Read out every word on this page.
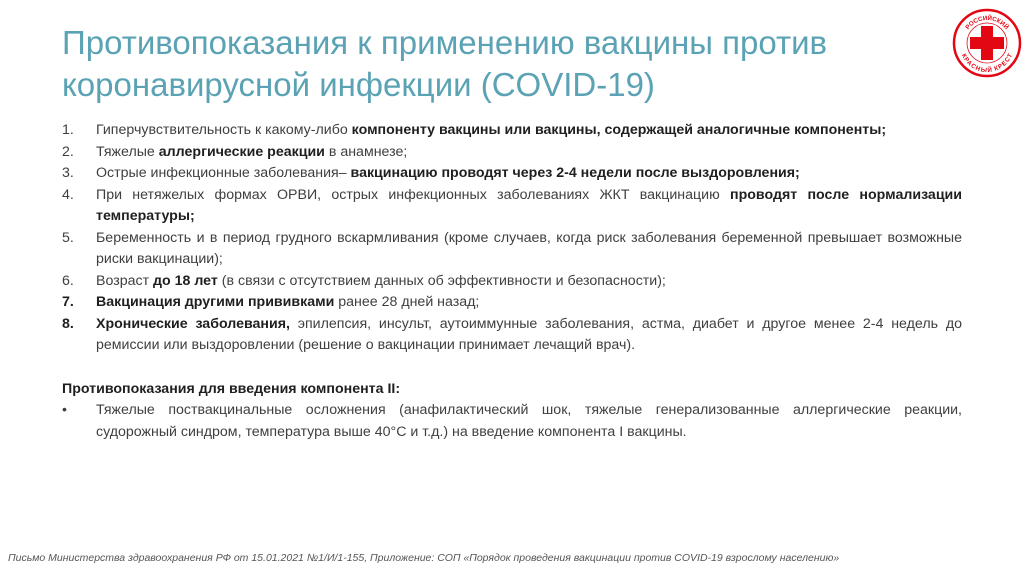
Противопоказания к применению вакцины против
коронавирусной инфекции (COVID-19)
РОССИЙСКИЙ
КРАСНЫЙ КРЕСТ
1. Гиперчувствительность к какому-либо компоненту вакцины или вакцины, содержащей аналогичные компоненты;
2. Тяжелые аллергические реакции в анамнезе;
3. Острые инфекционные заболевания– вакцинацию проводят через 2-4 недели после выздоровления;
4. При нетяжелых формах ОРВИ, острых инфекционных заболеваниях ЖКТ вакцинацию проводят после нормализации температуры;
5. Беременность и в период грудного вскармливания (кроме случаев, когда риск заболевания беременной превышает возможные риски вакцинации);
6. Возраст до 18 лет (в связи с отсутствием данных об эффективности и безопасности);
7. Вакцинация другими прививками ранее 28 дней назад;
8. Хронические заболевания, эпилепсия, инсульт, аутоиммунные заболевания, астма, диабет и другое менее 2-4 недель до ремиссии или выздоровлении (решение о вакцинации принимает лечащий врач).
Противопоказания для введения компонента II:
• Тяжелые поствакцинальные осложнения (анафилактический шок, тяжелые генерализованные аллергические реакции, судорожный синдром, температура выше 40°С и т.д.) на введение компонента I вакцины.
Письмо Министерства здравоохранения РФ от 15.01.2021 №1/И/1-155, Приложение: СОП «Порядок проведения вакцинации против COVID-19 взрослому населению»
